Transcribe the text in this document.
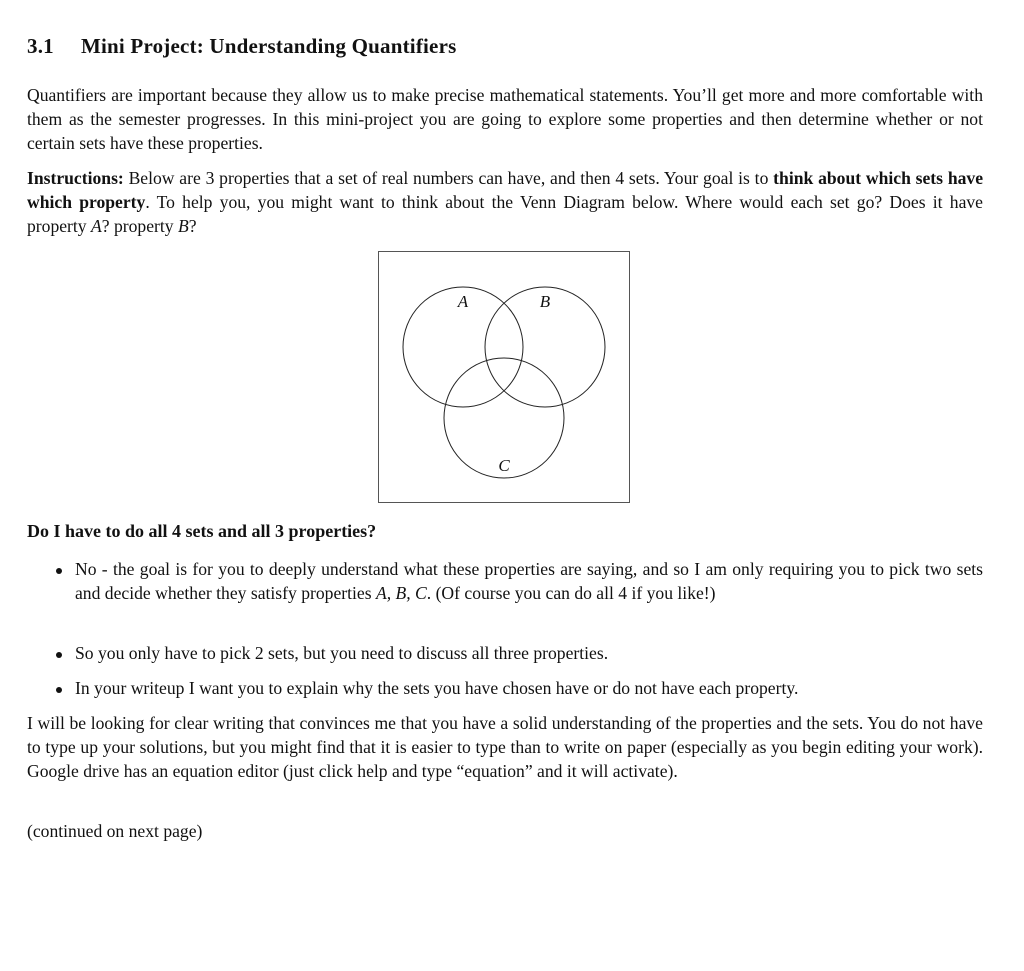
3.1 Mini Project: Understanding Quantifiers

Quantifiers are important because they allow us to make precise mathematical statements. You’ll get more and more comfortable with them as the semester progresses. In this mini-project you are going to explore some properties and then determine whether or not certain sets have these properties.

Instructions: Below are 3 properties that a set of real numbers can have, and then 4 sets. Your goal is to think about which sets have which property. To help you, you might want to think about the Venn Diagram below. Where would each set go? Does it have property A? property B?

A	B
C
Do I have to do all 4 sets and all 3 properties?
No - the goal is for you to deeply understand what these properties are saying, and so I am only requiring you to pick two sets and decide whether they satisfy properties A, B, C. (Of course you can do all 4 if you like!)
So you only have to pick 2 sets, but you need to discuss all three properties.
In your writeup I want you to explain why the sets you have chosen have or do not have each property.

I will be looking for clear writing that convinces me that you have a solid understanding of the properties and the sets. You do not have to type up your solutions, but you might find that it is easier to type than to write on paper (especially as you begin editing your work). Google drive has an equation editor (just click help and type “equation” and it will activate).

(continued on next page)
